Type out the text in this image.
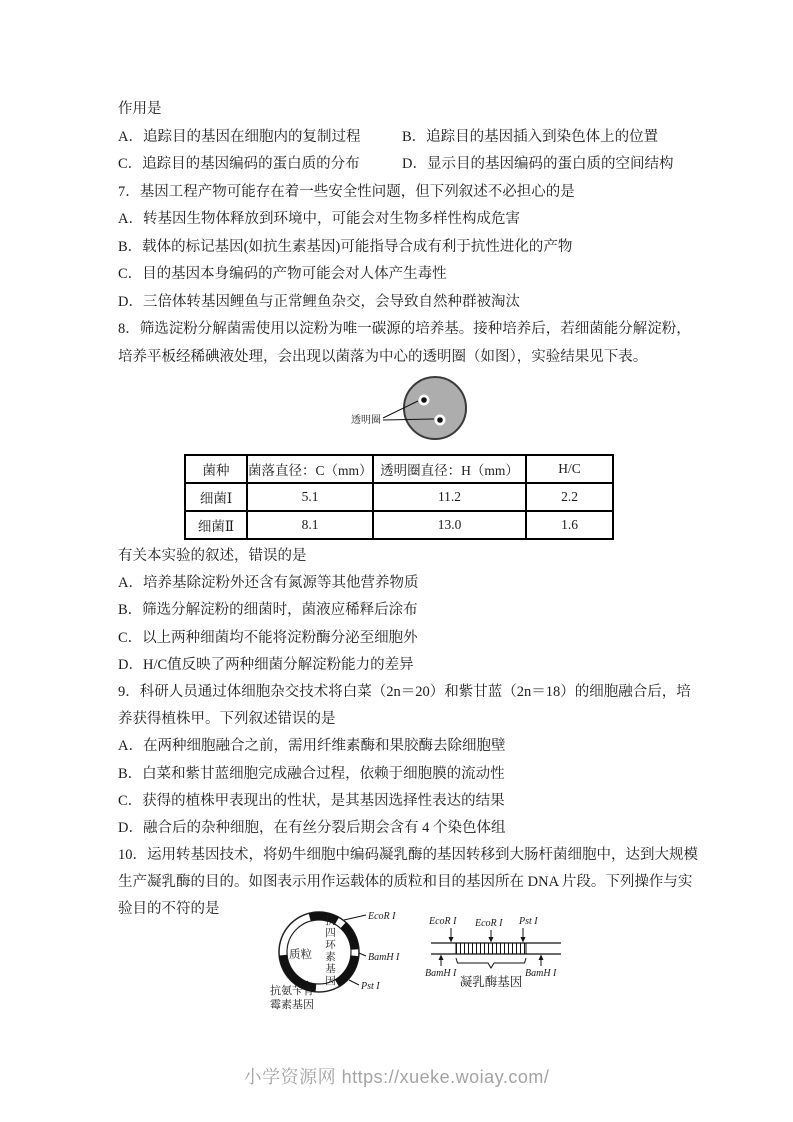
作用是
A．追踪目的基因在细胞内的复制过程	B．追踪目的基因插入到染色体上的位置
C．追踪目的基因编码的蛋白质的分布	D．显示目的基因编码的蛋白质的空间结构
7．基因工程产物可能存在着一些安全性问题，但下列叙述不必担心的是
A．转基因生物体释放到环境中，可能会对生物多样性构成危害
B．载体的标记基因(如抗生素基因)可能指导合成有利于抗性进化的产物
C．目的基因本身编码的产物可能会对人体产生毒性
D．三倍体转基因鲤鱼与正常鲤鱼杂交，会导致自然种群被淘汰
8．筛选淀粉分解菌需使用以淀粉为唯一碳源的培养基。接种培养后，若细菌能分解淀粉，
培养平板经稀碘液处理，会出现以菌落为中心的透明圈（如图），实验结果见下表。
透明圈
菌种	菌落直径：C（mm）	透明圈直径：H（mm）	H/C
细菌Ⅰ	5.1	11.2	2.2
细菌Ⅱ	8.1	13.0	1.6
有关本实验的叙述，错误的是
A．培养基除淀粉外还含有氮源等其他营养物质
B．筛选分解淀粉的细菌时，菌液应稀释后涂布
C．以上两种细菌均不能将淀粉酶分泌至细胞外
D．H/C值反映了两种细菌分解淀粉能力的差异
9．科研人员通过体细胞杂交技术将白菜（2n＝20）和紫甘蓝（2n＝18）的细胞融合后，培
养获得植株甲。下列叙述错误的是
A．在两种细胞融合之前，需用纤维素酶和果胶酶去除细胞壁
B．白菜和紫甘蓝细胞完成融合过程，依赖于细胞膜的流动性
C．获得的植株甲表现出的性状，是其基因选择性表达的结果
D．融合后的杂种细胞，在有丝分裂后期会含有 4 个染色体组
10．运用转基因技术，将奶牛细胞中编码凝乳酶的基因转移到大肠杆菌细胞中，达到大规模
生产凝乳酶的目的。如图表示用作运载体的质粒和目的基因所在 DNA 片段。下列操作与实
验目的不符的是
质粒
EcoR I
BamH I
Pst I
抗四环素基因
抗氨苄青霉素基因
EcoR I EcoR I Pst I
BamH I	BamH I
凝乳酶基因
小学资源网 https://xueke.woiay.com/
